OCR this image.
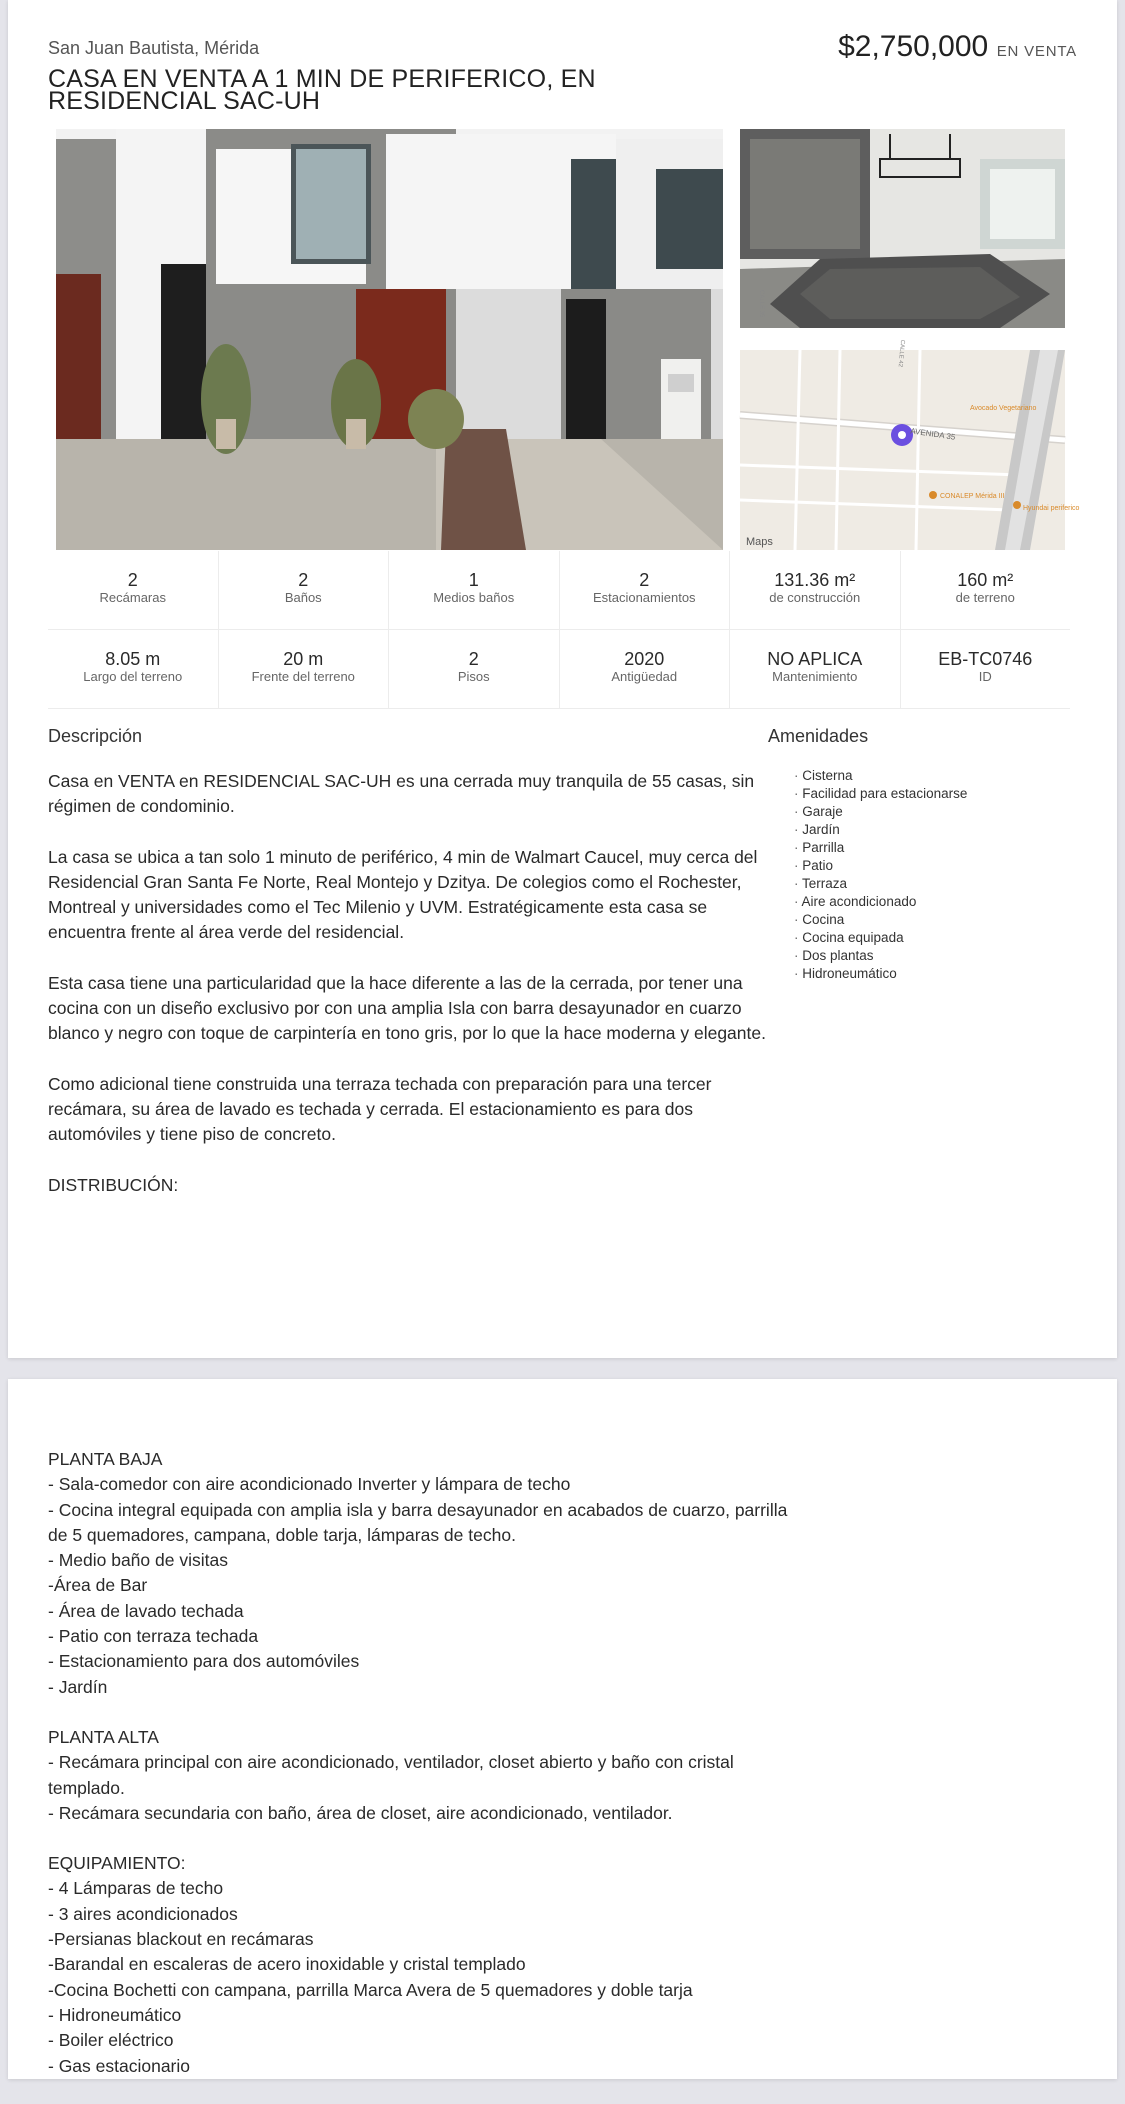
San Juan Bautista, Mérida
CASA EN VENTA A 1 MIN DE PERIFERICO, EN RESIDENCIAL SAC-UH
$2,750,000 EN VENTA
AVENIDA 35
CALLE 35
CALLE 42
Avocado Vegetariano
CONALEP Mérida III
Hyundai periferico
Maps
2
Recámaras
2
Baños
1
Medios baños
2
Estacionamientos
131.36 m²
de construcción
160 m²
de terreno
8.05 m
Largo del terreno
20 m
Frente del terreno
2
Pisos
2020
Antigüedad
NO APLICA
Mantenimiento
EB-TC0746
ID
Descripción

Casa en VENTA en RESIDENCIAL SAC-UH es una cerrada muy tranquila de 55 casas, sin régimen de condominio.

La casa se ubica a tan solo 1 minuto de periférico, 4 min de Walmart Caucel, muy cerca del Residencial Gran Santa Fe Norte, Real Montejo y Dzitya. De colegios como el Rochester, Montreal y universidades como el Tec Milenio y UVM. Estratégicamente esta casa se encuentra frente al área verde del residencial.

Esta casa tiene una particularidad que la hace diferente a las de la cerrada, por tener una cocina con un diseño exclusivo por con una amplia Isla con barra desayunador en cuarzo blanco y negro con toque de carpintería en tono gris, por lo que la hace moderna y elegante.

Como adicional tiene construida una terraza techada con preparación para una tercer recámara, su área de lavado es techada y cerrada. El estacionamiento es para dos automóviles y tiene piso de concreto.

DISTRIBUCIÓN:

Amenidades
· Cisterna
· Facilidad para estacionarse
· Garaje
· Jardín
· Parrilla
· Patio
· Terraza
· Aire acondicionado
· Cocina
· Cocina equipada
· Dos plantas
· Hidroneumático
PLANTA BAJA
- Sala-comedor con aire acondicionado Inverter y lámpara de techo
- Cocina integral equipada con amplia isla y barra desayunador en acabados de cuarzo, parrilla de 5 quemadores, campana, doble tarja, lámparas de techo.
- Medio baño de visitas
-Área de Bar
- Área de lavado techada
- Patio con terraza techada
- Estacionamiento para dos automóviles
- Jardín
PLANTA ALTA
- Recámara principal con aire acondicionado, ventilador, closet abierto y baño con cristal templado.
- Recámara secundaria con baño, área de closet, aire acondicionado, ventilador.
EQUIPAMIENTO:
- 4 Lámparas de techo
- 3 aires acondicionados
-Persianas blackout en recámaras
-Barandal en escaleras de acero inoxidable y cristal templado
-Cocina Bochetti con campana, parrilla Marca Avera de 5 quemadores y doble tarja
- Hidroneumático
- Boiler eléctrico
- Gas estacionario
